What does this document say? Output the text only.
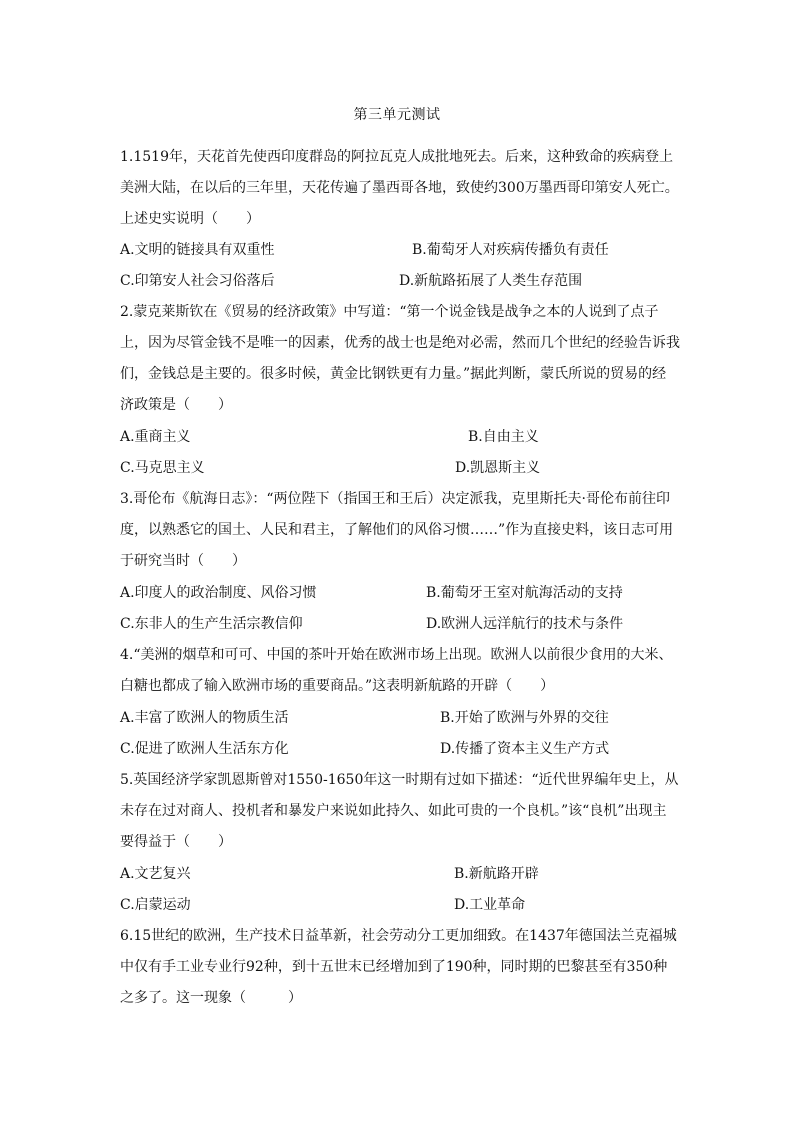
第三单元测试
1.1519年，天花首先使西印度群岛的阿拉瓦克人成批地死去。后来，这种致命的疾病登上美洲大陆，在以后的三年里，天花传遍了墨西哥各地，致使约300万墨西哥印第安人死亡。上述史实说明（　　）
A.文明的链接具有双重性	B.葡萄牙人对疾病传播负有责任
C.印第安人社会习俗落后	D.新航路拓展了人类生存范围
2.蒙克莱斯钦在《贸易的经济政策》中写道：“第一个说金钱是战争之本的人说到了点子上，因为尽管金钱不是唯一的因素，优秀的战士也是绝对必需，然而几个世纪的经验告诉我们，金钱总是主要的。很多时候，黄金比钢铁更有力量。”据此判断，蒙氏所说的贸易的经济政策是（　　）
A.重商主义	B.自由主义
C.马克思主义	D.凯恩斯主义
3.哥伦布《航海日志》：“两位陛下（指国王和王后）决定派我，克里斯托夫·哥伦布前往印度，以熟悉它的国土、人民和君主，了解他们的风俗习惯……”作为直接史料，该日志可用于研究当时（　　）
A.印度人的政治制度、风俗习惯	B.葡萄牙王室对航海活动的支持
C.东非人的生产生活宗教信仰	D.欧洲人远洋航行的技术与条件
4.“美洲的烟草和可可、中国的茶叶开始在欧洲市场上出现。欧洲人以前很少食用的大米、白糖也都成了输入欧洲市场的重要商品。”这表明新航路的开辟（　　）
A.丰富了欧洲人的物质生活	B.开始了欧洲与外界的交往
C.促进了欧洲人生活东方化	D.传播了资本主义生产方式
5.英国经济学家凯恩斯曾对1550-1650年这一时期有过如下描述：“近代世界编年史上，从未存在过对商人、投机者和暴发户来说如此持久、如此可贵的一个良机。”该“良机”出现主要得益于（　　）
A.文艺复兴	B.新航路开辟
C.启蒙运动	D.工业革命
6.15世纪的欧洲，生产技术日益革新，社会劳动分工更加细致。在1437年德国法兰克福城中仅有手工业专业行92种，到十五世末已经增加到了190种，同时期的巴黎甚至有350种之多了。这一现象（　　　）
